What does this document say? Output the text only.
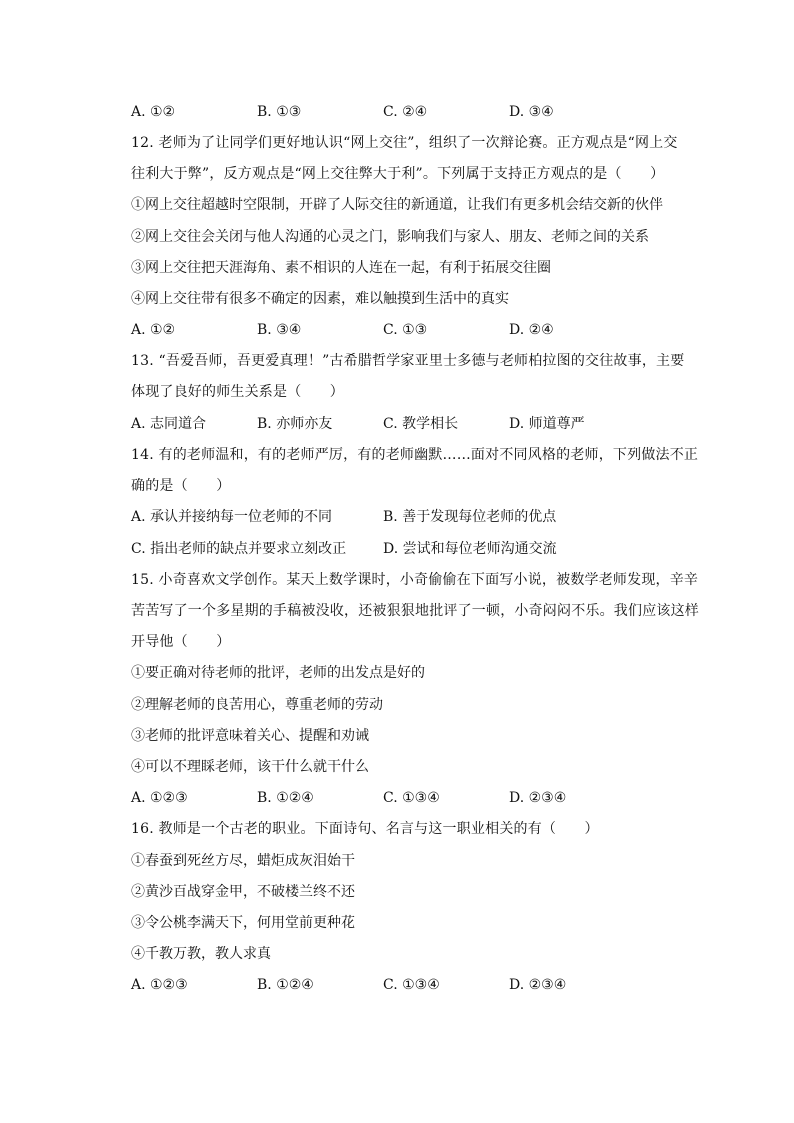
A. ①②	B. ①③	C. ②④	D. ③④
12. 老师为了让同学们更好地认识“网上交往”，组织了一次辩论赛。正方观点是“网上交
往利大于弊”，反方观点是“网上交往弊大于利”。下列属于支持正方观点的是（　　）
①网上交往超越时空限制，开辟了人际交往的新通道，让我们有更多机会结交新的伙伴
②网上交往会关闭与他人沟通的心灵之门，影响我们与家人、朋友、老师之间的关系
③网上交往把天涯海角、素不相识的人连在一起，有利于拓展交往圈
④网上交往带有很多不确定的因素，难以触摸到生活中的真实
A. ①②	B. ③④	C. ①③	D. ②④
13. “吾爱吾师，吾更爱真理！”古希腊哲学家亚里士多德与老师柏拉图的交往故事，主要
体现了良好的师生关系是（　　）
A. 志同道合	B. 亦师亦友	C. 教学相长	D. 师道尊严
14. 有的老师温和，有的老师严厉，有的老师幽默……面对不同风格的老师，下列做法不正
确的是（　　）
A. 承认并接纳每一位老师的不同	B. 善于发现每位老师的优点
C. 指出老师的缺点并要求立刻改正	D. 尝试和每位老师沟通交流
15. 小奇喜欢文学创作。某天上数学课时，小奇偷偷在下面写小说，被数学老师发现，辛辛
苦苦写了一个多星期的手稿被没收，还被狠狠地批评了一顿，小奇闷闷不乐。我们应该这样
开导他（　　）
①要正确对待老师的批评，老师的出发点是好的
②理解老师的良苦用心，尊重老师的劳动
③老师的批评意味着关心、提醒和劝诫
④可以不理睬老师，该干什么就干什么
A. ①②③	B. ①②④	C. ①③④	D. ②③④
16. 教师是一个古老的职业。下面诗句、名言与这一职业相关的有（　　）
①春蚕到死丝方尽，蜡炬成灰泪始干
②黄沙百战穿金甲，不破楼兰终不还
③令公桃李满天下，何用堂前更种花
④千教万教，教人求真
A. ①②③	B. ①②④	C. ①③④	D. ②③④
